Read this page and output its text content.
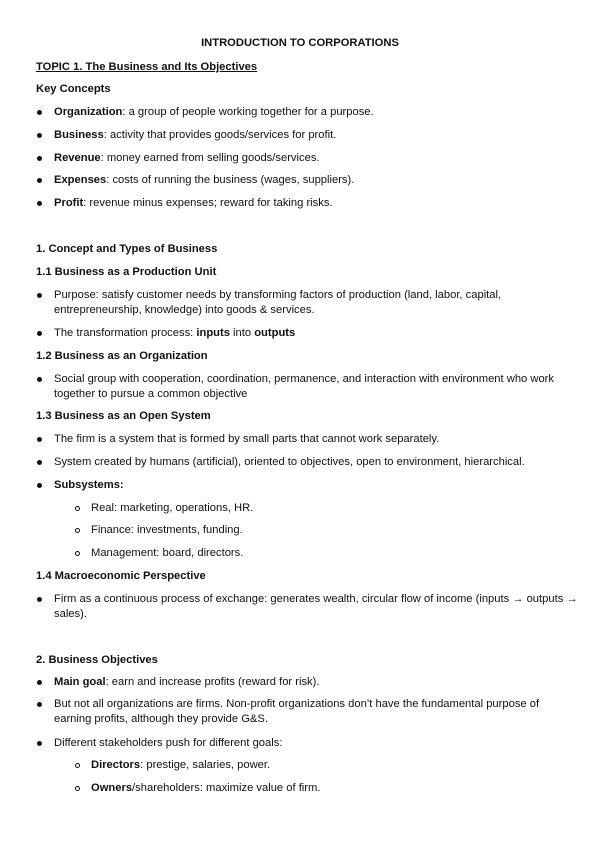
INTRODUCTION TO CORPORATIONS
TOPIC 1. The Business and Its Objectives
Key Concepts
Organization: a group of people working together for a purpose.
Business: activity that provides goods/services for profit.
Revenue: money earned from selling goods/services.
Expenses: costs of running the business (wages, suppliers).
Profit: revenue minus expenses; reward for taking risks.
1. Concept and Types of Business
1.1 Business as a Production Unit
Purpose: satisfy customer needs by transforming factors of production (land, labor, capital, entrepreneurship, knowledge) into goods & services.
The transformation process: inputs into outputs
1.2 Business as an Organization
Social group with cooperation, coordination, permanence, and interaction with environment who work together to pursue a common objective
1.3 Business as an Open System
The firm is a system that is formed by small parts that cannot work separately.
System created by humans (artificial), oriented to objectives, open to environment, hierarchical.
Subsystems:
Real: marketing, operations, HR.
Finance: investments, funding.
Management: board, directors.
1.4 Macroeconomic Perspective
Firm as a continuous process of exchange: generates wealth, circular flow of income (inputs → outputs → sales).
2. Business Objectives
Main goal: earn and increase profits (reward for risk).
But not all organizations are firms. Non-profit organizations don’t have the fundamental purpose of earning profits, although they provide G&S.
Different stakeholders push for different goals:
Directors: prestige, salaries, power.
Owners/shareholders: maximize value of firm.
